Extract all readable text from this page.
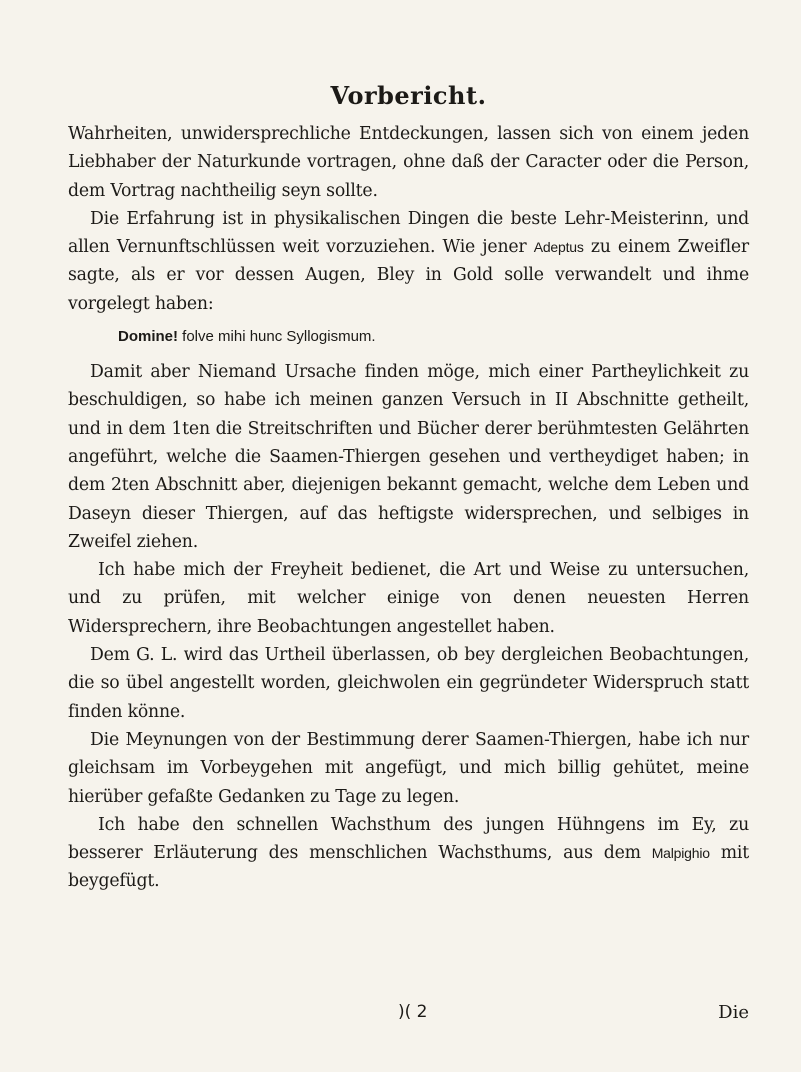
Vorbericht.

Wahrheiten, unwidersprechliche Entdeckungen, lassen sich von einem jeden Liebhaber der Naturkunde vortragen, ohne daß der Caracter oder die Person, dem Vortrag nachtheilig seyn sollte.

Die Erfahrung ist in physikalischen Dingen die beste Lehr-Meisterinn, und allen Vernunftschlüssen weit vorzuziehen. Wie jener Adeptus zu einem Zweifler sagte, als er vor dessen Augen, Bley in Gold solle verwandelt und ihme vorgelegt haben:

Domine! folve mihi hunc Syllogismum.

Damit aber Niemand Ursache finden möge, mich einer Partheylichkeit zu beschuldigen, so habe ich meinen ganzen Versuch in II Abschnitte getheilt, und in dem 1ten die Streitschriften und Bücher derer berühmtesten Gelährten angeführt, welche die Saamen-Thiergen gesehen und vertheydiget haben; in dem 2ten Abschnitt aber, diejenigen bekannt gemacht, welche dem Leben und Daseyn dieser Thiergen, auf das heftigste widersprechen, und selbiges in Zweifel ziehen.

Ich habe mich der Freyheit bedienet, die Art und Weise zu untersuchen, und zu prüfen, mit welcher einige von denen neuesten Herren Widersprechern, ihre Beobachtungen angestellet haben.

Dem G. L. wird das Urtheil überlassen, ob bey dergleichen Beobachtungen, die so übel angestellt worden, gleichwolen ein gegründeter Widerspruch statt finden könne.

Die Meynungen von der Bestimmung derer Saamen-Thiergen, habe ich nur gleichsam im Vorbeygehen mit angefügt, und mich billig gehütet, meine hierüber gefaßte Gedanken zu Tage zu legen.

Ich habe den schnellen Wachsthum des jungen Hühngens im Ey, zu besserer Erläuterung des menschlichen Wachsthums, aus dem Malpighio mit beygefügt.

)( 2	Die
